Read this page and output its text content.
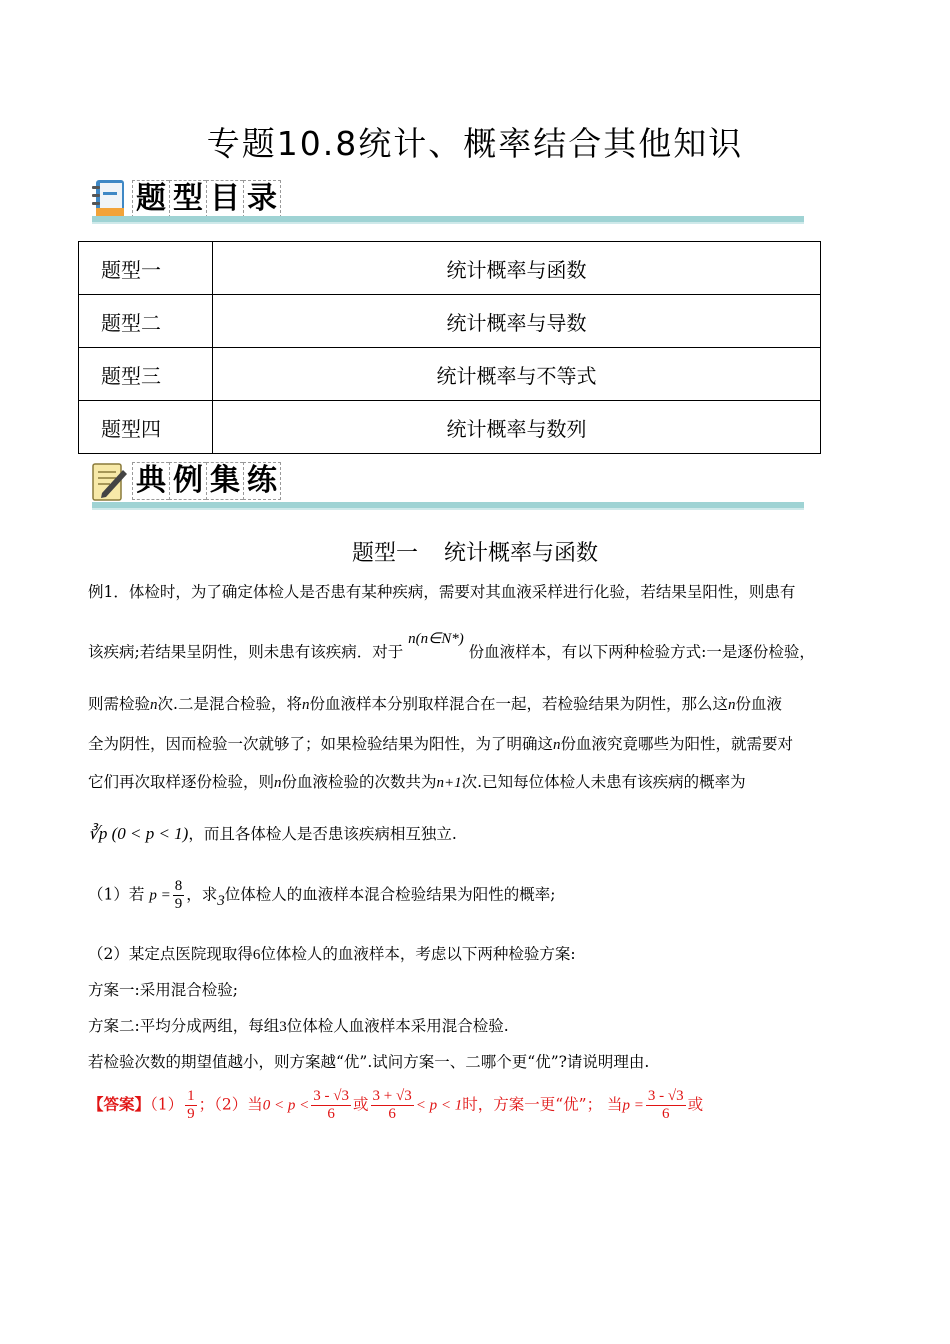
专题10.8统计、概率结合其他知识
题 型 目 录
题型一	统计概率与函数
题型二	统计概率与导数
题型三	统计概率与不等式
题型四	统计概率与数列
典 例 集 练
题型一 统计概率与函数
例1．体检时，为了确定体检人是否患有某种疾病，需要对其血液采样进行化验，若结果呈阳性，则患有
该疾病;若结果呈阴性，则未患有该疾病．对于 n(n∈N*) 份血液样本，有以下两种检验方式:一是逐份检验，
则需检验n次.二是混合检验，将n份血液样本分别取样混合在一起，若检验结果为阴性，那么这n份血液
全为阴性，因而检验一次就够了；如果检验结果为阳性，为了明确这n份血液究竟哪些为阳性，就需要对
它们再次取样逐份检验，则n份血液检验的次数共为n+1次.已知每位体检人未患有该疾病的概率为
∛p (0 < p < 1)，而且各体检人是否患该疾病相互独立.
（1）若 $p = \frac{8}{9}$ ，求3位体检人的血液样本混合检验结果为阳性的概率;
（2）某定点医院现取得6位体检人的血液样本，考虑以下两种检验方案:
方案一:采用混合检验;
方案二:平均分成两组，每组3位体检人血液样本采用混合检验.
若检验次数的期望值越小，则方案越“优”.试问方案一、二哪个更“优”?请说明理由.
【答案】$(1) \frac{1}{9}$ ；（2）当$0 < p < \frac{3 - √3}{6}$ 或 $\frac{3 + √3}{6} < p < 1$时，方案一更“优”； 当$p = \frac{3 - √3}{6}$ 或
